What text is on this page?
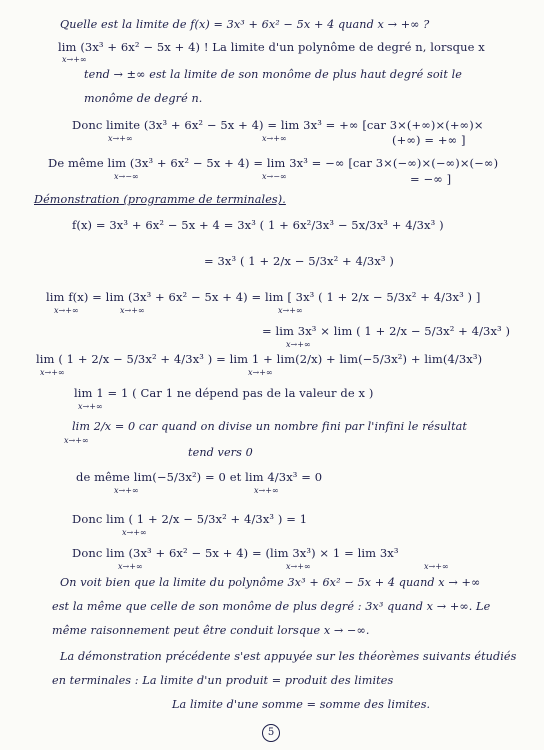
Quelle est la limite de f(x) = 3x³ + 6x² − 5x + 4 quand x → +∞ ?
lim (3x³ + 6x² − 5x + 4) ! La limite d'un polynôme de degré n, lorsque x
x→+∞
tend → ±∞ est la limite de son monôme de plus haut degré soit le
monôme de degré n.
Donc limite (3x³ + 6x² − 5x + 4) = lim 3x³ = +∞ [car 3×(+∞)×(+∞)×
x→+∞	x→+∞	(+∞) = +∞ ]
De même lim (3x³ + 6x² − 5x + 4) = lim 3x³ = −∞ [car 3×(−∞)×(−∞)×(−∞)
x→−∞	x→−∞	= −∞ ]
Démonstration (programme de terminales).
f(x) = 3x³ + 6x² − 5x + 4 = 3x³ ( 1 + 6x²/3x³ − 5x/3x³ + 4/3x³ )
= 3x³ ( 1 + 2/x − 5/3x² + 4/3x³ )
lim f(x) = lim (3x³ + 6x² − 5x + 4) = lim [ 3x³ ( 1 + 2/x − 5/3x² + 4/3x³ ) ]
x→+∞	x→+∞	x→+∞
= lim 3x³ × lim ( 1 + 2/x − 5/3x² + 4/3x³ )
x→+∞
lim ( 1 + 2/x − 5/3x² + 4/3x³ ) = lim 1 + lim(2/x) + lim(−5/3x²) + lim(4/3x³)
x→+∞	x→+∞
lim 1 = 1 ( Car 1 ne dépend pas de la valeur de x )
x→+∞
lim 2/x = 0 car quand on divise un nombre fini par l'infini le résultat
x→+∞
tend vers 0
de même lim(−5/3x²) = 0 et lim 4/3x³ = 0
x→+∞	x→+∞
Donc lim ( 1 + 2/x − 5/3x² + 4/3x³ ) = 1
x→+∞
Donc lim (3x³ + 6x² − 5x + 4) = (lim 3x³) × 1 = lim 3x³
x→+∞	x→+∞	x→+∞
On voit bien que la limite du polynôme 3x³ + 6x² − 5x + 4 quand x → +∞
est la même que celle de son monôme de plus degré : 3x³ quand x → +∞. Le
même raisonnement peut être conduit lorsque x → −∞.
La démonstration précédente s'est appuyée sur les théorèmes suivants étudiés
en terminales : La limite d'un produit = produit des limites
La limite d'une somme = somme des limites.
5
